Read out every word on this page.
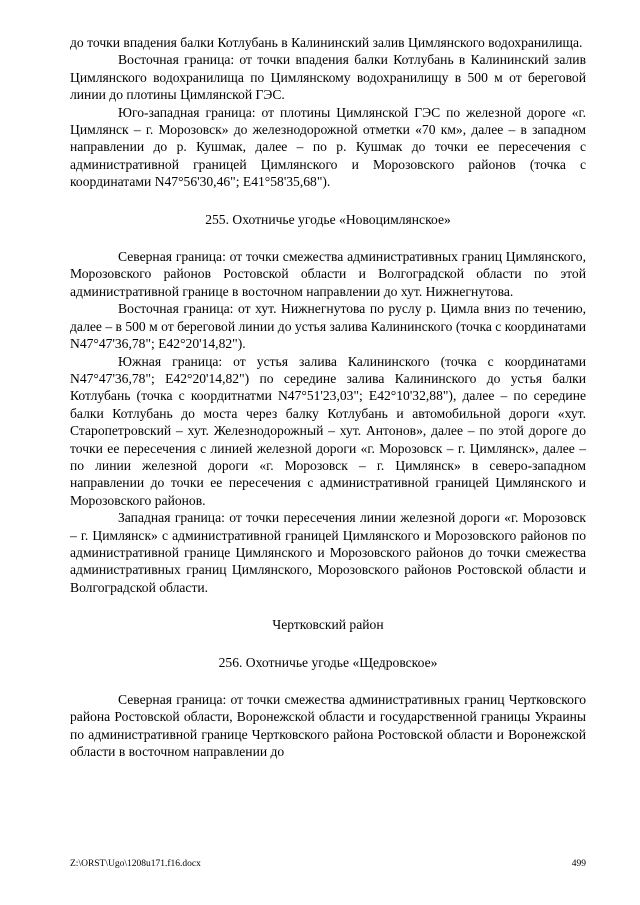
до точки впадения балки Котлубань в Калининский залив Цимлянского водохранилища.

Восточная граница: от точки впадения балки Котлубань в Калининский залив Цимлянского водохранилища по Цимлянскому водохранилищу в 500 м от береговой линии до плотины Цимлянской ГЭС.

Юго-западная граница: от плотины Цимлянской ГЭС по железной дороге «г. Цимлянск – г. Морозовск» до железнодорожной отметки «70 км», далее – в западном направлении до р. Кушмак, далее – по р. Кушмак до точки ее пересечения с административной границей Цимлянского и Морозовского районов (точка с координатами N47°56'30,46"; E41°58'35,68").

255. Охотничье угодье «Новоцимлянское»

Северная граница: от точки смежества административных границ Цимлянского, Морозовского районов Ростовской области и Волгоградской области по этой административной границе в восточном направлении до хут. Нижнегнутова.

Восточная граница: от хут. Нижнегнутова по руслу р. Цимла вниз по течению, далее – в 500 м от береговой линии до устья залива Калининского (точка с координатами N47°47'36,78"; E42°20'14,82").

Южная граница: от устья залива Калининского (точка с координатами N47°47'36,78"; E42°20'14,82") по середине залива Калининского до устья балки Котлубань (точка с коордитнатми N47°51'23,03"; E42°10'32,88"), далее – по середине балки Котлубань до моста через балку Котлубань и автомобильной дороги «хут. Старопетровский – хут. Железнодорожный – хут. Антонов», далее – по этой дороге до точки ее пересечения с линией железной дороги «г. Морозовск – г. Цимлянск», далее – по линии железной дороги «г. Морозовск – г. Цимлянск» в северо-западном направлении до точки ее пересечения с административной границей Цимлянского и Морозовского районов.

Западная граница: от точки пересечения линии железной дороги «г. Морозовск – г. Цимлянск» с административной границей Цимлянского и Морозовского районов по административной границе Цимлянского и Морозовского районов до точки смежества административных границ Цимлянского, Морозовского районов Ростовской области и Волгоградской области.

Чертковский район
256. Охотничье угодье «Щедровское»

Северная граница: от точки смежества административных границ Чертковского района Ростовской области, Воронежской области и государственной границы Украины по административной границе Чертковского района Ростовской области и Воронежской области в восточном направлении до

Z:\ORST\Ugo\1208u171.f16.docx	499
